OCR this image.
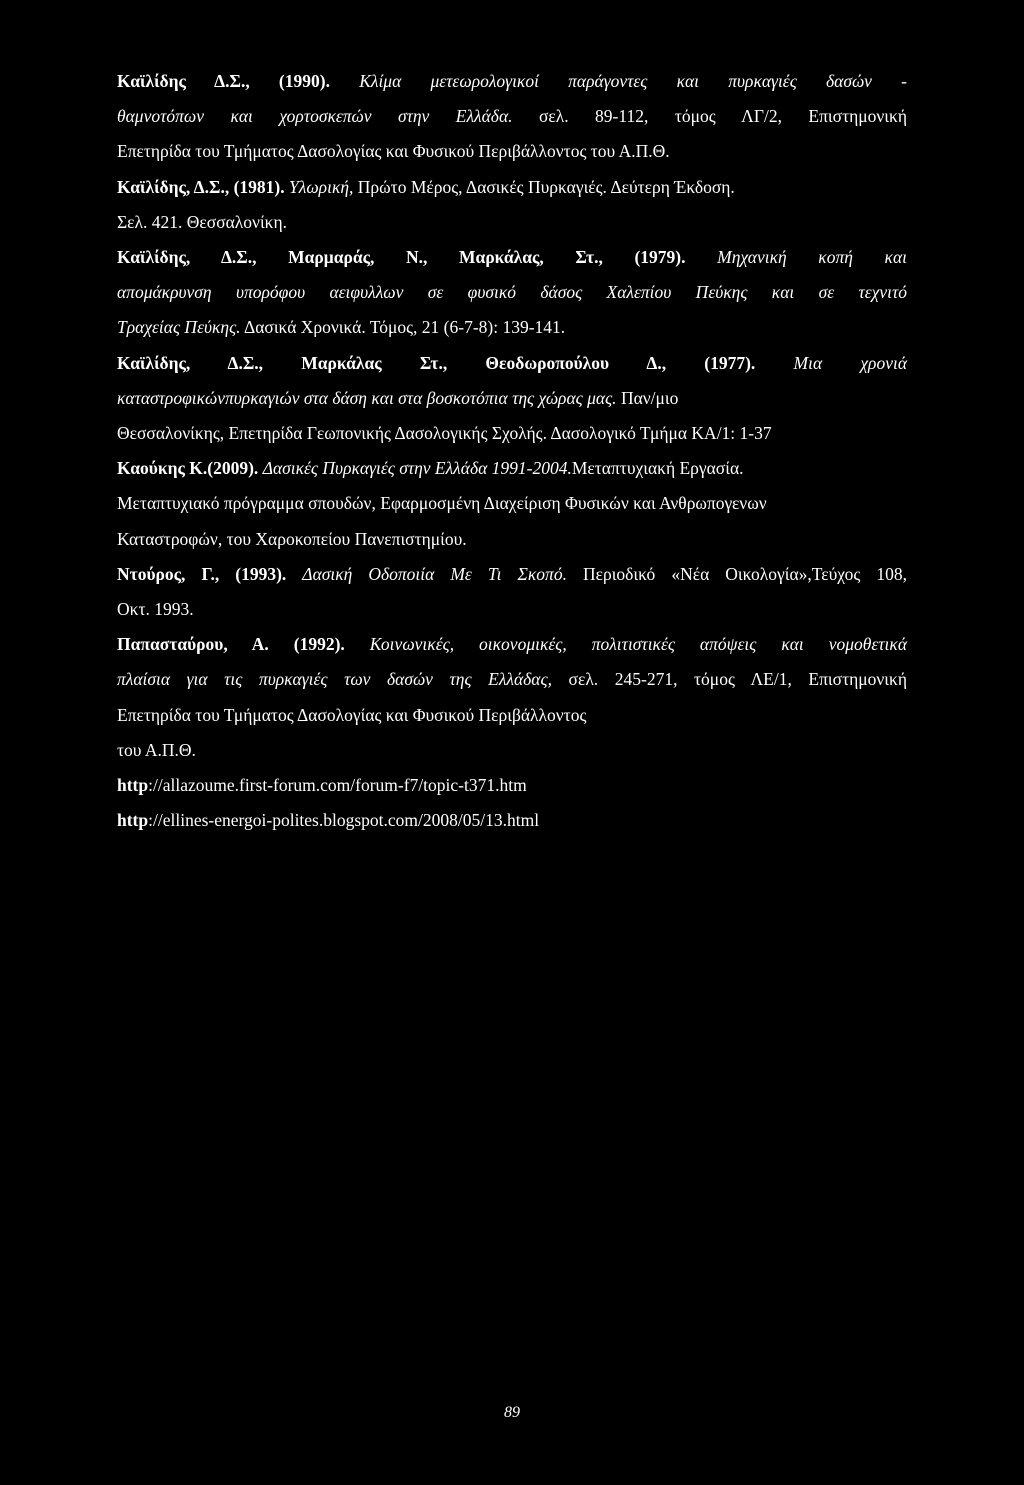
Καϊλίδης Δ.Σ., (1990). Κλίμα μετεωρολογικοί παράγοντες και πυρκαγιές δασών -
θαμνοτόπων και χορτοσκεπών στην Ελλάδα. σελ. 89-112, τόμος ΛΓ/2, Επιστημονική
Επετηρίδα του Τμήματος Δασολογίας και Φυσικού Περιβάλλοντος του Α.Π.Θ.
Καϊλίδης, Δ.Σ., (1981). Υλωρική, Πρώτο Μέρος, Δασικές Πυρκαγιές. Δεύτερη Έκδοση.
Σελ. 421. Θεσσαλονίκη.
Καϊλίδης, Δ.Σ., Μαρμαράς, Ν., Μαρκάλας, Στ., (1979). Μηχανική κοπή και
απομάκρυνση υπορόφου αειφυλλων σε φυσικό δάσος Χαλεπίου Πεύκης και σε τεχνιτό
Τραχείας Πεύκης. Δασικά Χρονικά. Τόμος, 21 (6-7-8): 139-141.
Καϊλίδης, Δ.Σ., Μαρκάλας Στ., Θεοδωροπούλου Δ., (1977). Μια χρονιά
καταστροφικώνπυρκαγιών στα δάση και στα βοσκοτόπια της χώρας μας. Παν/μιο
Θεσσαλονίκης, Επετηρίδα Γεωπονικής Δασολογικής Σχολής. Δασολογικό Τμήμα ΚΑ/1: 1-37
Καούκης Κ.(2009). Δασικές Πυρκαγιές στην Ελλάδα 1991-2004.Μεταπτυχιακή Εργασία.
Μεταπτυχιακό πρόγραμμα σπουδών, Εφαρμοσμένη Διαχείριση Φυσικών και Ανθρωπογενων
Καταστροφών, του Χαροκοπείου Πανεπιστημίου.
Ντούρος, Γ., (1993). Δασική Οδοποιία Με Τι Σκοπό. Περιοδικό «Νέα Οικολογία»,Τεύχος 108,
Οκτ. 1993.
Παπασταύρου, Α. (1992). Κοινωνικές, οικονομικές, πολιτιστικές απόψεις και νομοθετικά
πλαίσια για τις πυρκαγιές των δασών της Ελλάδας, σελ. 245-271, τόμος ΛΕ/1, Επιστημονική
Επετηρίδα του Τμήματος Δασολογίας και Φυσικού Περιβάλλοντος
του Α.Π.Θ.
http://allazoume.first-forum.com/forum-f7/topic-t371.htm
http://ellines-energoi-polites.blogspot.com/2008/05/13.html
89
